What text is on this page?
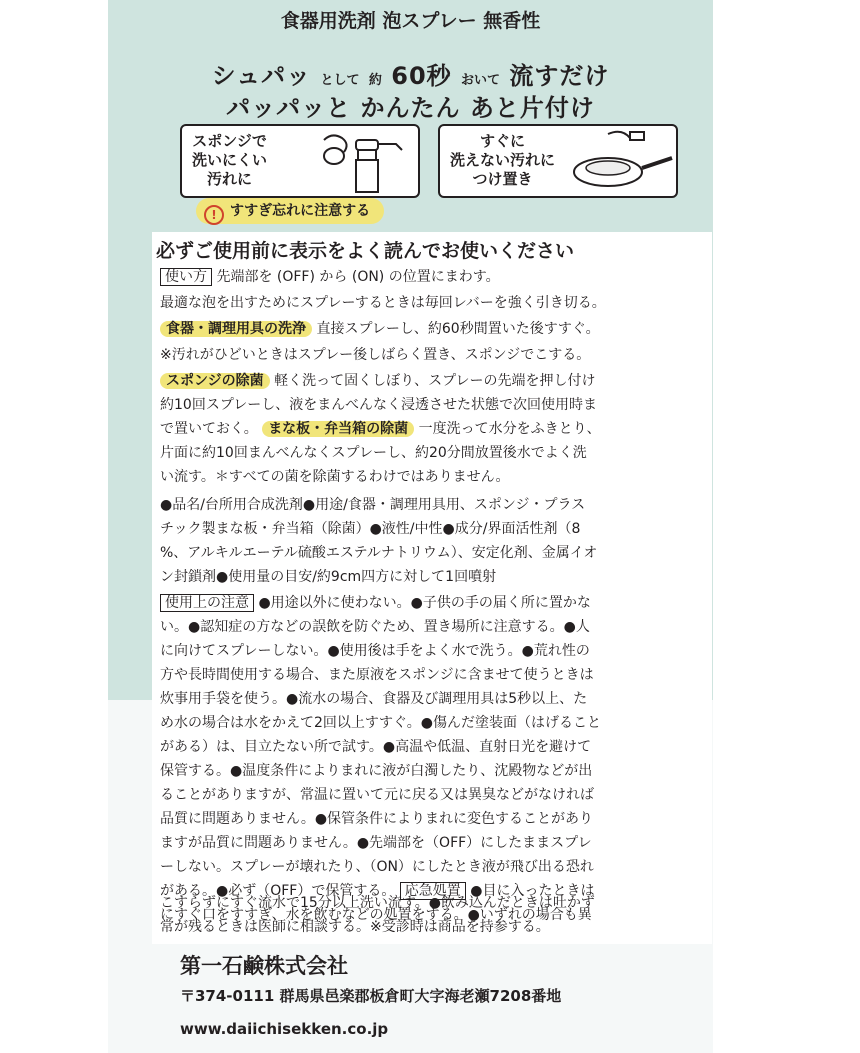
食器用洗剤 泡スプレー 無香性
シュパッ として 約 60秒 おいて 流すだけ
パッパッと かんたん あと片付け
スポンジで
洗いにくい
汚れに
すぐに
洗えない汚れに
つけ置き
! すすぎ忘れに注意する
必ずご使用前に表示をよく読んでお使いください
使い方 先端部を (OFF) から (ON) の位置にまわす。
最適な泡を出すためにスプレーするときは毎回レバーを強く引き切る。
食器・調理用具の洗浄 直接スプレーし、約60秒間置いた後すすぐ。
※汚れがひどいときはスプレー後しばらく置き、スポンジでこする。
スポンジの除菌 軽く洗って固くしぼり、スプレーの先端を押し付け
約10回スプレーし、液をまんべんなく浸透させた状態で次回使用時ま
で置いておく。 まな板・弁当箱の除菌 一度洗って水分をふきとり、
片面に約10回まんべんなくスプレーし、約20分間放置後水でよく洗
い流す。＊すべての菌を除菌するわけではありません。
●品名/台所用合成洗剤●用途/食器・調理用具用、スポンジ・プラス
チック製まな板・弁当箱（除菌）●液性/中性●成分/界面活性剤（8
%、アルキルエーテル硫酸エステルナトリウム）、安定化剤、金属イオ
ン封鎖剤●使用量の目安/約9cm四方に対して1回噴射
使用上の注意 ●用途以外に使わない。●子供の手の届く所に置かな
い。●認知症の方などの誤飲を防ぐため、置き場所に注意する。●人
に向けてスプレーしない。●使用後は手をよく水で洗う。●荒れ性の
方や長時間使用する場合、また原液をスポンジに含ませて使うときは
炊事用手袋を使う。●流水の場合、食器及び調理用具は5秒以上、た
め水の場合は水をかえて2回以上すすぐ。●傷んだ塗装面（はげること
がある）は、目立たない所で試す。●高温や低温、直射日光を避けて
保管する。●温度条件によりまれに液が白濁したり、沈殿物などが出
ることがありますが、常温に置いて元に戻る又は異臭などがなければ
品質に問題ありません。●保管条件によりまれに変色することがあり
ますが品質に問題ありません。●先端部を（OFF）にしたままスプレ
ーしない。スプレーが壊れたり、（ON）にしたとき液が飛び出る恐れ
がある。●必ず（OFF）で保管する。 応急処置 ●目に入ったときは
こすらずにすぐ流水で15分以上洗い流す。●飲み込んだときは吐かず
にすぐ口をすすぎ、水を飲むなどの処置をする。●いずれの場合も異
常が残るときは医師に相談する。※受診時は商品を持参する。
第一石鹸株式会社
〒374-0111 群馬県邑楽郡板倉町大字海老瀬7208番地
www.daiichisekken.co.jp
